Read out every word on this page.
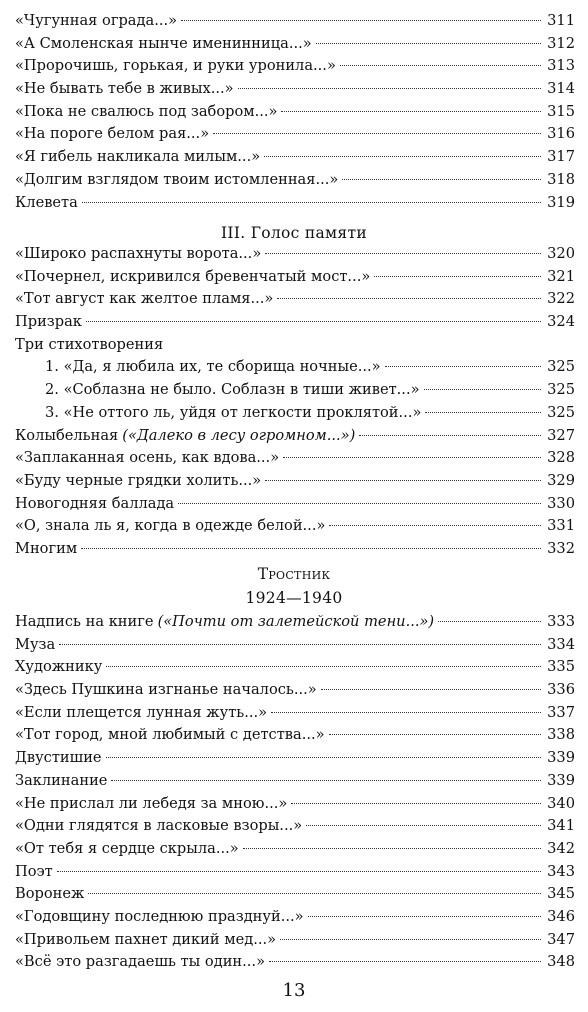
«Чугунная ограда...»	311
«А Смоленская нынче именинница...»	312
«Пророчишь, горькая, и руки уронила...»	313
«Не бывать тебе в живых...»	314
«Пока не свалюсь под забором...»	315
«На пороге белом рая...»	316
«Я гибель накликала милым...»	317
«Долгим взглядом твоим истомленная...»	318
Клевета	319
III. Голос памяти
«Широко распахнуты ворота...»	320
«Почернел, искривился бревенчатый мост...»	321
«Тот август как желтое пламя...»	322
Призрак	324
Три стихотворения
1. «Да, я любила их, те сборища ночные...»	325
2. «Соблазна не было. Соблазн в тиши живет...»	325
3. «Не оттого ль, уйдя от легкости проклятой...»	325
Колыбельная («Далеко в лесу огромном...»)	327
«Заплаканная осень, как вдова...»	328
«Буду черные грядки холить...»	329
Новогодняя баллада	330
«О, знала ль я, когда в одежде белой...»	331
Многим	332
Тростник
1924—1940
Надпись на книге («Почти от залетейской тени...»)	333
Муза	334
Художнику	335
«Здесь Пушкина изгнанье началось...»	336
«Если плещется лунная жуть...»	337
«Тот город, мной любимый с детства...»	338
Двустишие	339
Заклинание	339
«Не прислал ли лебедя за мною...»	340
«Одни глядятся в ласковые взоры...»	341
«От тебя я сердце скрыла...»	342
Поэт	343
Воронеж	345
«Годовщину последнюю празднуй...»	346
«Привольем пахнет дикий мед...»	347
«Всё это разгадаешь ты один...»	348
13
